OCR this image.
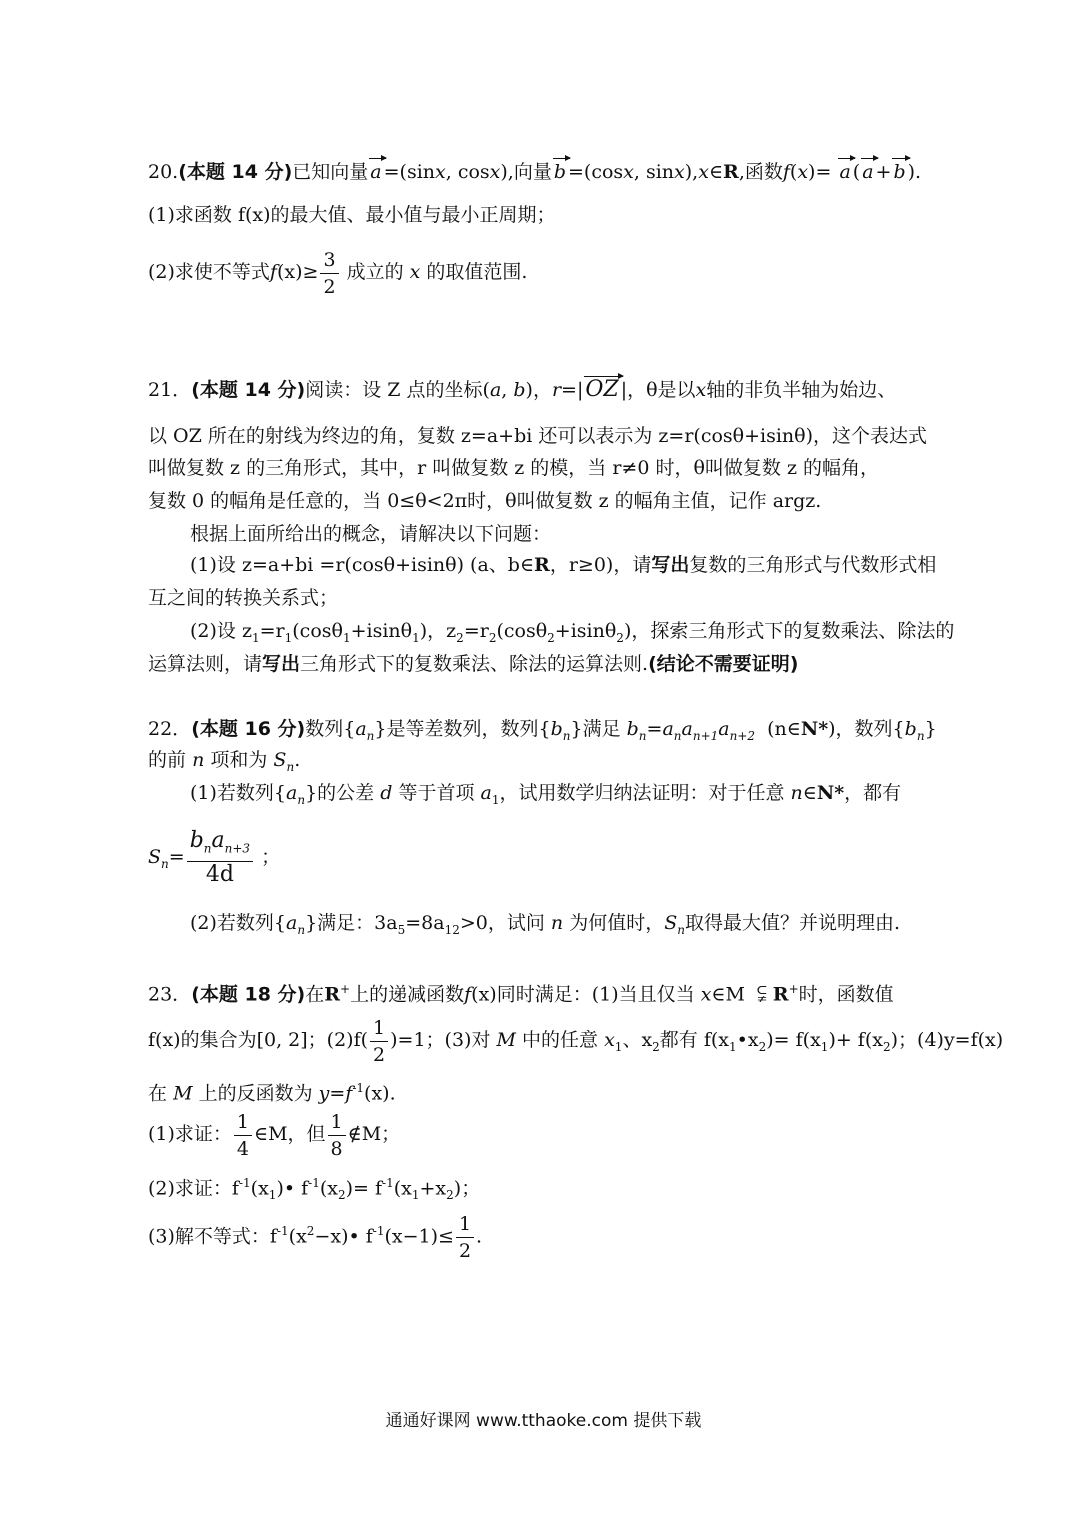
20.(本题 14 分)已知向量 a =(sinx, cosx),向量 b =(cosx, sinx),x∈R,函数f(x)= a ( a + b ).
(1)求函数 f(x)的最大值、最小值与最小正周期；
(2)求使不等式$f(x)\ge \frac{3}{2}$ 成立的 x 的取值范围.
21．(本题 14 分)阅读：设 Z 点的坐标(a, b)，r=|OZ |，θ是以x轴的非负半轴为始边、
以 OZ 所在的射线为终边的角，复数 z=a+bi 还可以表示为 z=r(cosθ+isinθ)，这个表达式
叫做复数 z 的三角形式，其中，r 叫做复数 z 的模，当 r≠0 时，θ叫做复数 z 的幅角，
复数 0 的幅角是任意的，当 0≤θ<2π时，θ叫做复数 z 的幅角主值，记作 argz.
根据上面所给出的概念，请解决以下问题：
(1)设 z=a+bi =r(cosθ+isinθ) (a、b∈R，r≥0)，请写出复数的三角形式与代数形式相
互之间的转换关系式；
(2)设 $z_1=r_1(\cos\theta_1+isin\theta_1)$，$z_2=r_2(\cos\theta_2+isin\theta_2)$，探索三角形式下的复数乘法、除法的
运算法则，请写出三角形式下的复数乘法、除法的运算法则.(结论不需要证明)
22．(本题 16 分)数列$\{a_n\}$是等差数列，数列$\{b_n\}$满足 $b_n=a_na_{n+1}a_{n+2}$ (n∈N*)，数列$\{b_n\}$
的前 n 项和为 $S_n$.
(1)若数列$\{a_n\}$的公差 d 等于首项 $a_1$，试用数学归纳法证明：对于任意 n∈N*，都有
$S_n= \frac{b_na_{n+3}}{4d}$ ；
(2)若数列$\{a_n\}$满足：$3a_5=8a_{12}>0$，试问 n 为何值时，$S_n$取得最大值？并说明理由.
23．(本题 18 分)在R+上的递减函数f(x)同时满足：(1)当且仅当 x∈M ⫋ R+时，函数值
f(x)的集合为[0, 2]；$(2)f( \frac{1}{2} )=1$；(3)对 M 中的任意 $x_1$、$x_2$都有 $f(x_1•x_2)= f(x_1)+ f(x_2)$；(4)y=f(x)
在 M 上的反函数为 $y=f^{-1}(x)$.
(1)求证： $\frac{1}{4}$ ∈M，但 $\frac{1}{8}$ ∉M；
(2)求证：$f^{-1}(x_1)•$ $f^{-1}(x_2)= f^{-1}(x_1+x_2)$；
(3)解不等式：$f^{-1}(x^2-x)•$ $f^{-1}(x-1)\le \frac{1}{2}$ .
通通好课网 www.tthaoke.com 提供下载
